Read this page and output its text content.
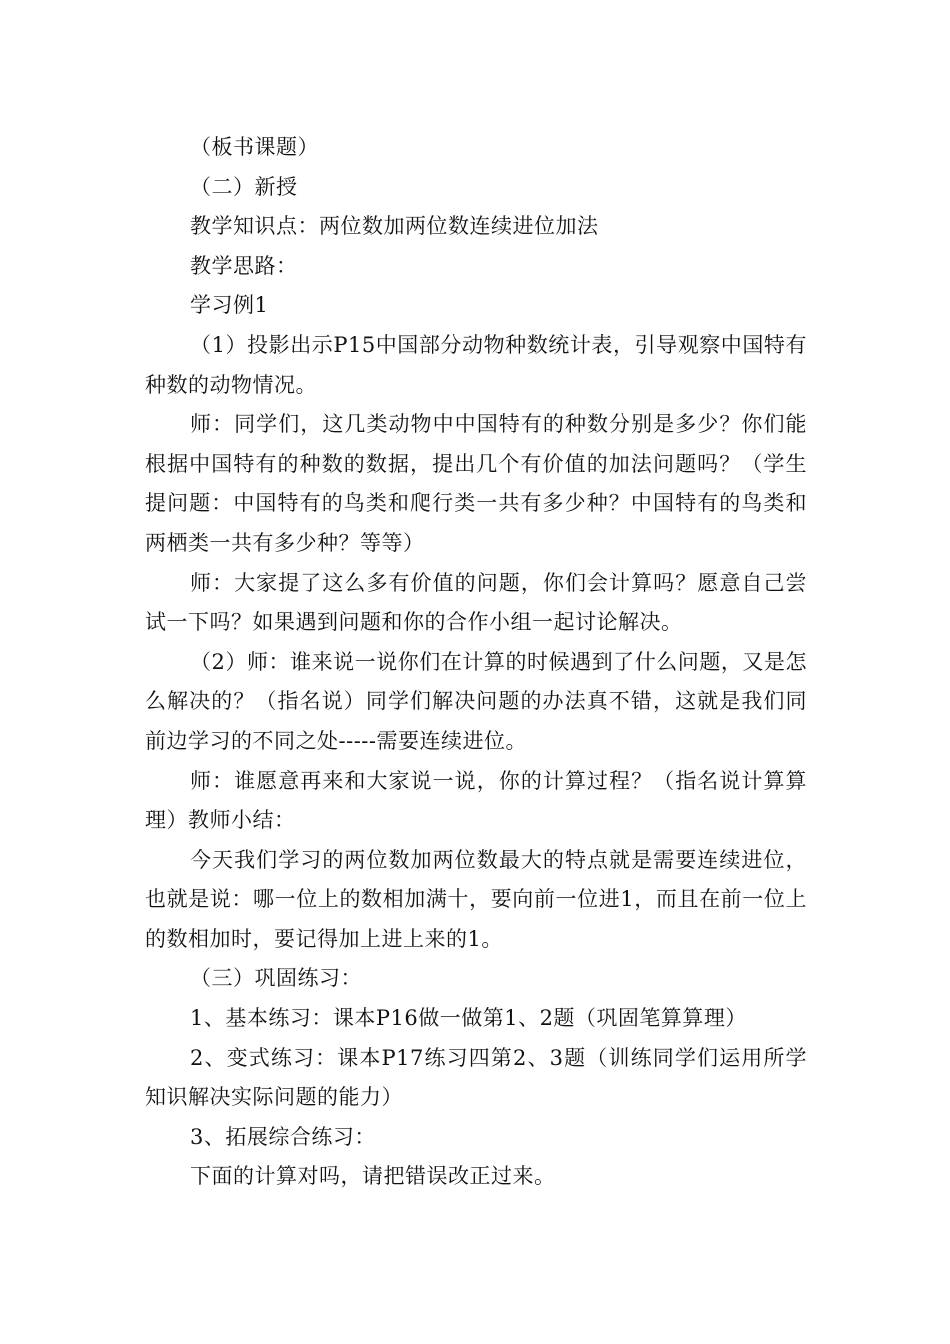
（板书课题）

（二）新授

教学知识点：两位数加两位数连续进位加法

教学思路：

学习例1

（1）投影出示P15中国部分动物种数统计表，引导观察中国特有种数的动物情况。

师：同学们，这几类动物中中国特有的种数分别是多少？你们能根据中国特有的种数的数据，提出几个有价值的加法问题吗？（学生提问题：中国特有的鸟类和爬行类一共有多少种？中国特有的鸟类和两栖类一共有多少种？等等）

师：大家提了这么多有价值的问题，你们会计算吗？愿意自己尝试一下吗？如果遇到问题和你的合作小组一起讨论解决。

（2）师：谁来说一说你们在计算的时候遇到了什么问题，又是怎么解决的？（指名说）同学们解决问题的办法真不错，这就是我们同前边学习的不同之处-----需要连续进位。

师：谁愿意再来和大家说一说，你的计算过程？（指名说计算算理）教师小结：

今天我们学习的两位数加两位数最大的特点就是需要连续进位，也就是说：哪一位上的数相加满十，要向前一位进1，而且在前一位上的数相加时，要记得加上进上来的1。

（三）巩固练习：

1、基本练习：课本P16做一做第1、2题（巩固笔算算理）

2、变式练习：课本P17练习四第2、3题（训练同学们运用所学知识解决实际问题的能力）

3、拓展综合练习：

下面的计算对吗，请把错误改正过来。
